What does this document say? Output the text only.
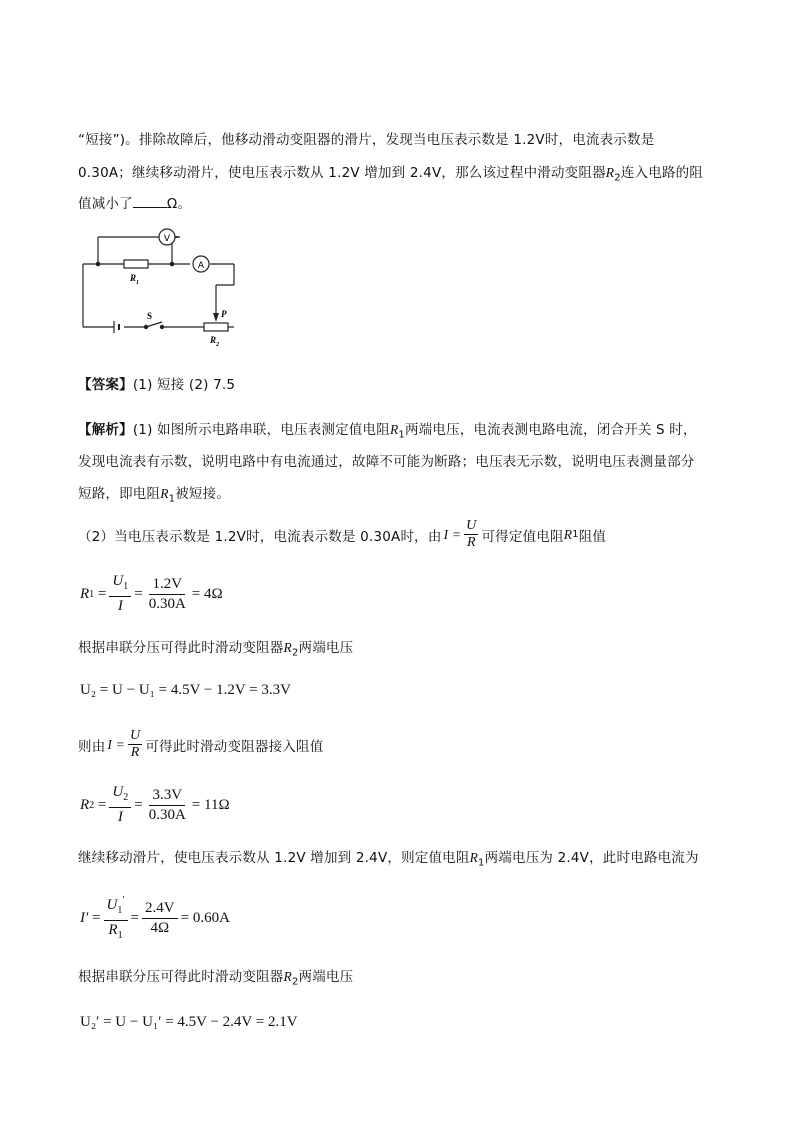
“短接”)。排除故障后，他移动滑动变阻器的滑片，发现当电压表示数是 1.2V时，电流表示数是
0.30A；继续移动滑片，使电压表示数从 1.2V 增加到 2.4V，那么该过程中滑动变阻器$R_2$连入电路的阻
值减小了	Ω。
V
$R_1$
A
S	P
$R_2$
【答案】(1) 短接 (2) 7.5
【解析】(1) 如图所示电路串联，电压表测定值电阻$R_1$两端电压，电流表测电路电流，闭合开关 S 时，
发现电流表有示数，说明电路中有电流通过，故障不可能为断路；电压表无示数，说明电压表测量部分
短路，即电阻$R_1$被短接。
（2）当电压表示数是 1.2V时，电流表示数是 0.30A时，由 $I = \frac{U}{R}$ 可得定值电阻 R 1 阻值
R $1 = \frac{U_1}{I} = \frac{1.2V}{0.30A} = 4\Omega$
根据串联分压可得此时滑动变阻器$R_2$两端电压
U₂ = U − U₁ = 4.5V − 1.2V = 3.3V
则由 $I = \frac{U}{R}$ 可得此时滑动变阻器接入阻值
R $2 = \frac{U_2}{I} = \frac{3.3V}{0.30A} = 11\Omega$
继续移动滑片，使电压表示数从 1.2V 增加到 2.4V，则定值电阻$R_1$两端电压为 2.4V，此时电路电流为
$I' = \frac{U_1'}{R_1} = \frac{2.4V}{4\Omega} = 0.60A$
根据串联分压可得此时滑动变阻器$R_2$两端电压
U₂′ = U − U₁′ = 4.5V − 2.4V = 2.1V
